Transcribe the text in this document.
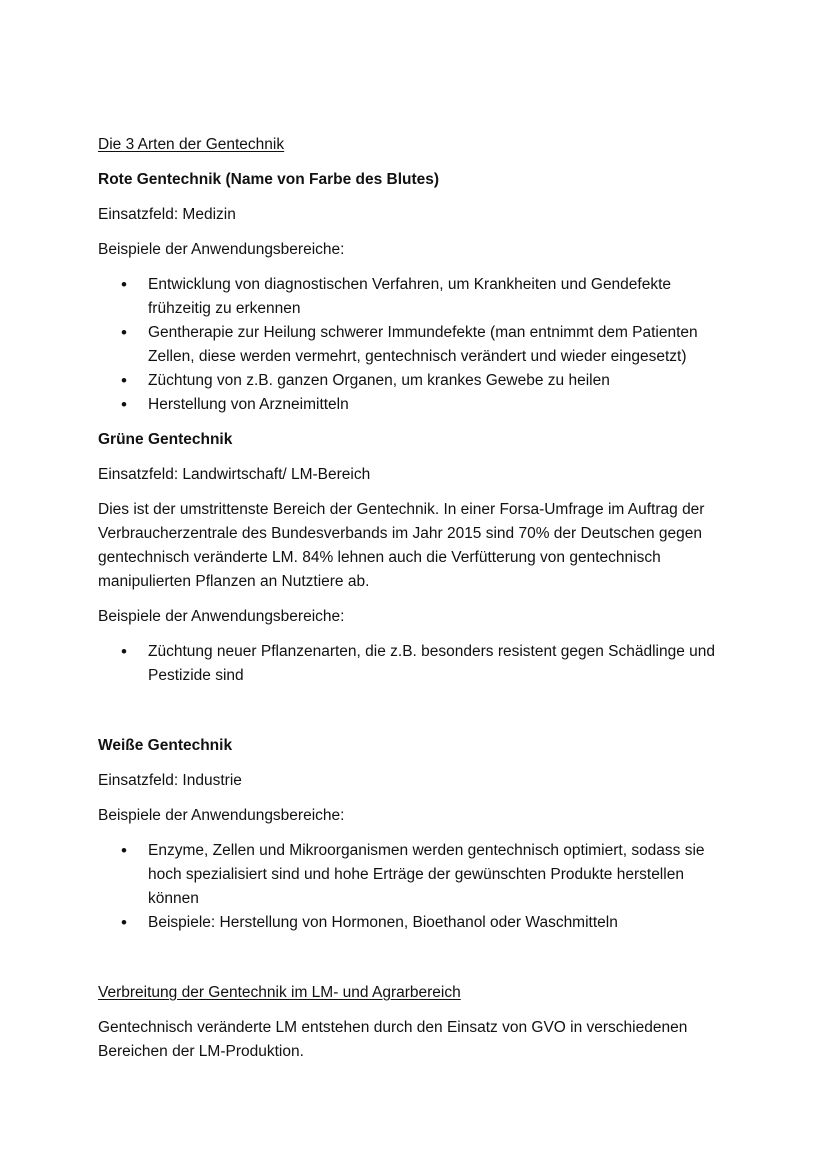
Die 3 Arten der Gentechnik

Rote Gentechnik (Name von Farbe des Blutes)

Einsatzfeld: Medizin

Beispiele der Anwendungsbereiche:

• Entwicklung von diagnostischen Verfahren, um Krankheiten und Gendefekte frühzeitig zu erkennen
• Gentherapie zur Heilung schwerer Immundefekte (man entnimmt dem Patienten Zellen, diese werden vermehrt, gentechnisch verändert und wieder eingesetzt)
• Züchtung von z.B. ganzen Organen, um krankes Gewebe zu heilen
• Herstellung von Arzneimitteln

Grüne Gentechnik

Einsatzfeld: Landwirtschaft/ LM-Bereich

Dies ist der umstrittenste Bereich der Gentechnik. In einer Forsa-Umfrage im Auftrag der Verbraucherzentrale des Bundesverbands im Jahr 2015 sind 70% der Deutschen gegen gentechnisch veränderte LM. 84% lehnen auch die Verfütterung von gentechnisch manipulierten Pflanzen an Nutztiere ab.

Beispiele der Anwendungsbereiche:

• Züchtung neuer Pflanzenarten, die z.B. besonders resistent gegen Schädlinge und Pestizide sind

Weiße Gentechnik

Einsatzfeld: Industrie

Beispiele der Anwendungsbereiche:

• Enzyme, Zellen und Mikroorganismen werden gentechnisch optimiert, sodass sie hoch spezialisiert sind und hohe Erträge der gewünschten Produkte herstellen können
• Beispiele: Herstellung von Hormonen, Bioethanol oder Waschmitteln

Verbreitung der Gentechnik im LM- und Agrarbereich

Gentechnisch veränderte LM entstehen durch den Einsatz von GVO in verschiedenen Bereichen der LM-Produktion.
